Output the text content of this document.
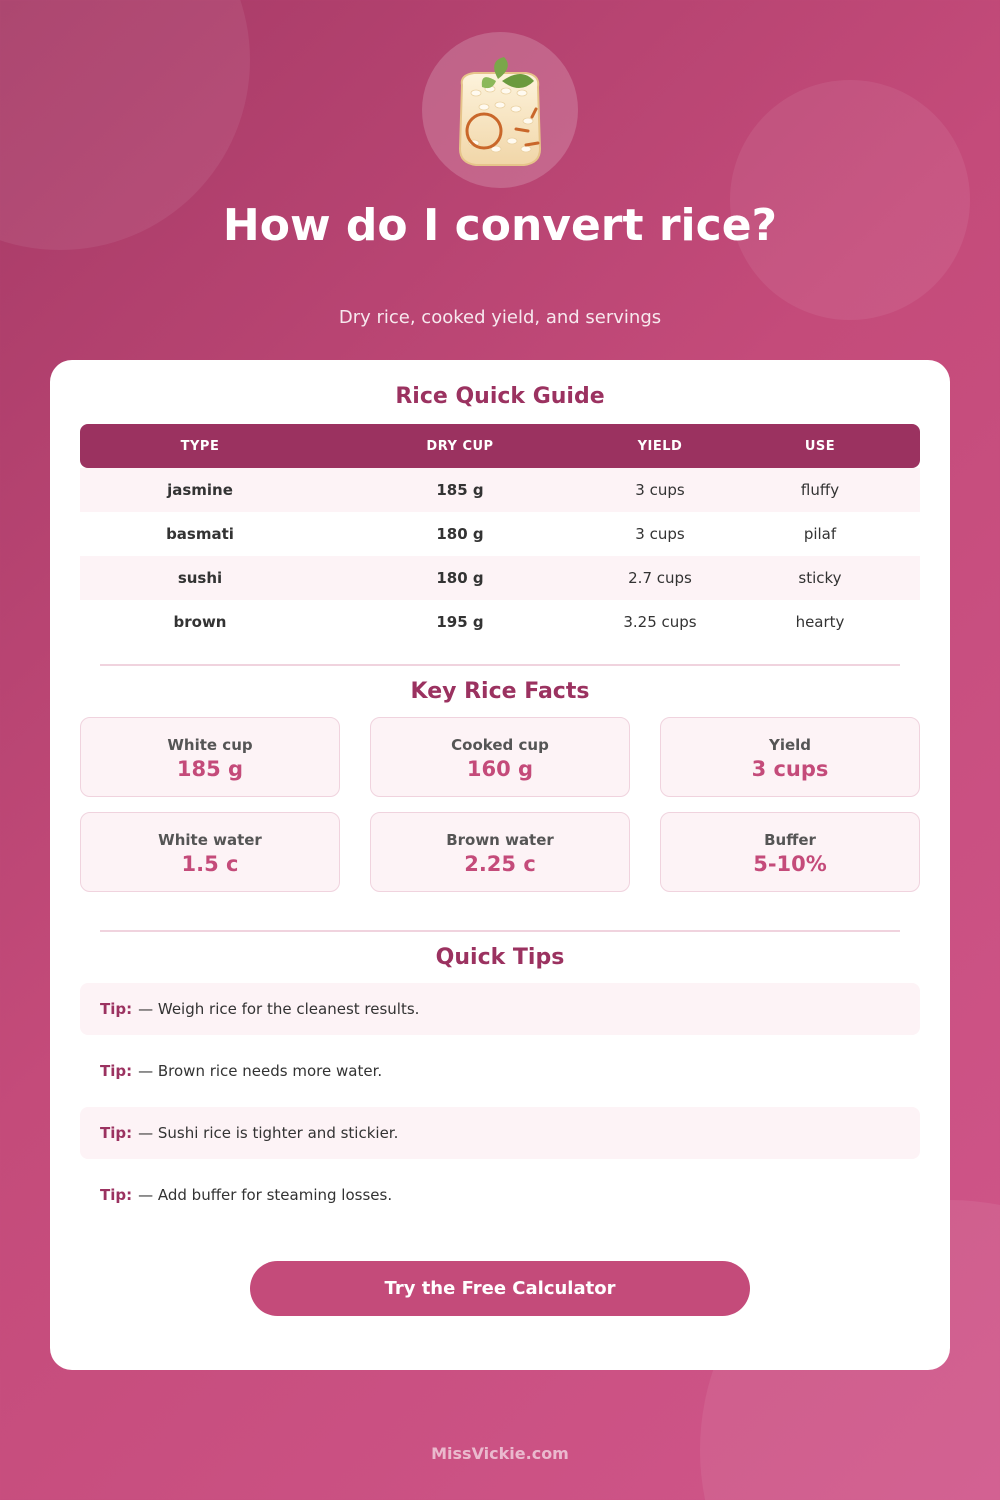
How do I convert rice?
Dry rice, cooked yield, and servings
Rice Quick Guide
TYPE	DRY CUP	YIELD	USE
jasmine	185 g	3 cups	fluffy
basmati	180 g	3 cups	pilaf
sushi	180 g	2.7 cups	sticky
brown	195 g	3.25 cups	hearty
Key Rice Facts
White cup
185 g
Cooked cup
160 g
Yield
3 cups
White water
1.5 c
Brown water
2.25 c
Buffer
5-10%
Quick Tips
Tip: — Weigh rice for the cleanest results.
Tip: — Brown rice needs more water.
Tip: — Sushi rice is tighter and stickier.
Tip: — Add buffer for steaming losses.
Try the Free Calculator
MissVickie.com
